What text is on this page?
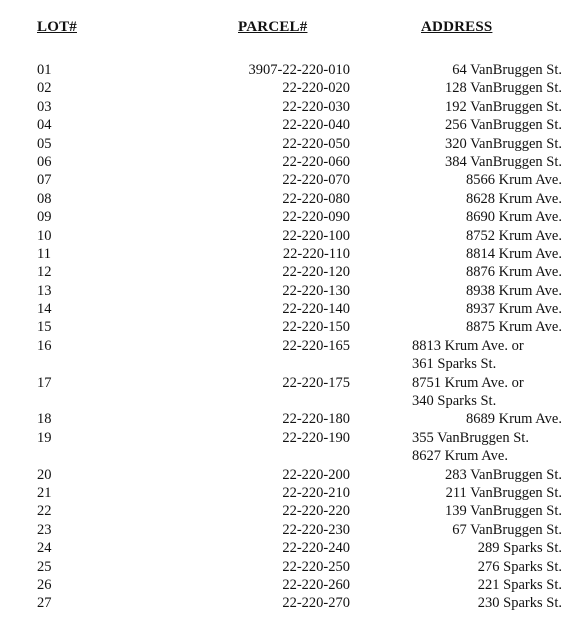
LOT#	PARCEL#	ADDRESS
01	3907-22-220-010	64 VanBruggen St.
02	22-220-020	128 VanBruggen St.
03	22-220-030	192 VanBruggen St.
04	22-220-040	256 VanBruggen St.
05	22-220-050	320 VanBruggen St.
06	22-220-060	384 VanBruggen St.
07	22-220-070	8566 Krum Ave.
08	22-220-080	8628 Krum Ave.
09	22-220-090	8690 Krum Ave.
10	22-220-100	8752 Krum Ave.
11	22-220-110	8814 Krum Ave.
12	22-220-120	8876 Krum Ave.
13	22-220-130	8938 Krum Ave.
14	22-220-140	8937 Krum Ave.
15	22-220-150	8875 Krum Ave.
16	22-220-165	8813 Krum Ave. or
361 Sparks St.
17	22-220-175	8751 Krum Ave. or
340 Sparks St.
18	22-220-180	8689 Krum Ave.
19	22-220-190	355 VanBruggen St.
8627 Krum Ave.
20	22-220-200	283 VanBruggen St.
21	22-220-210	211 VanBruggen St.
22	22-220-220	139 VanBruggen St.
23	22-220-230	67 VanBruggen St.
24	22-220-240	289 Sparks St.
25	22-220-250	276 Sparks St.
26	22-220-260	221 Sparks St.
27	22-220-270	230 Sparks St.
